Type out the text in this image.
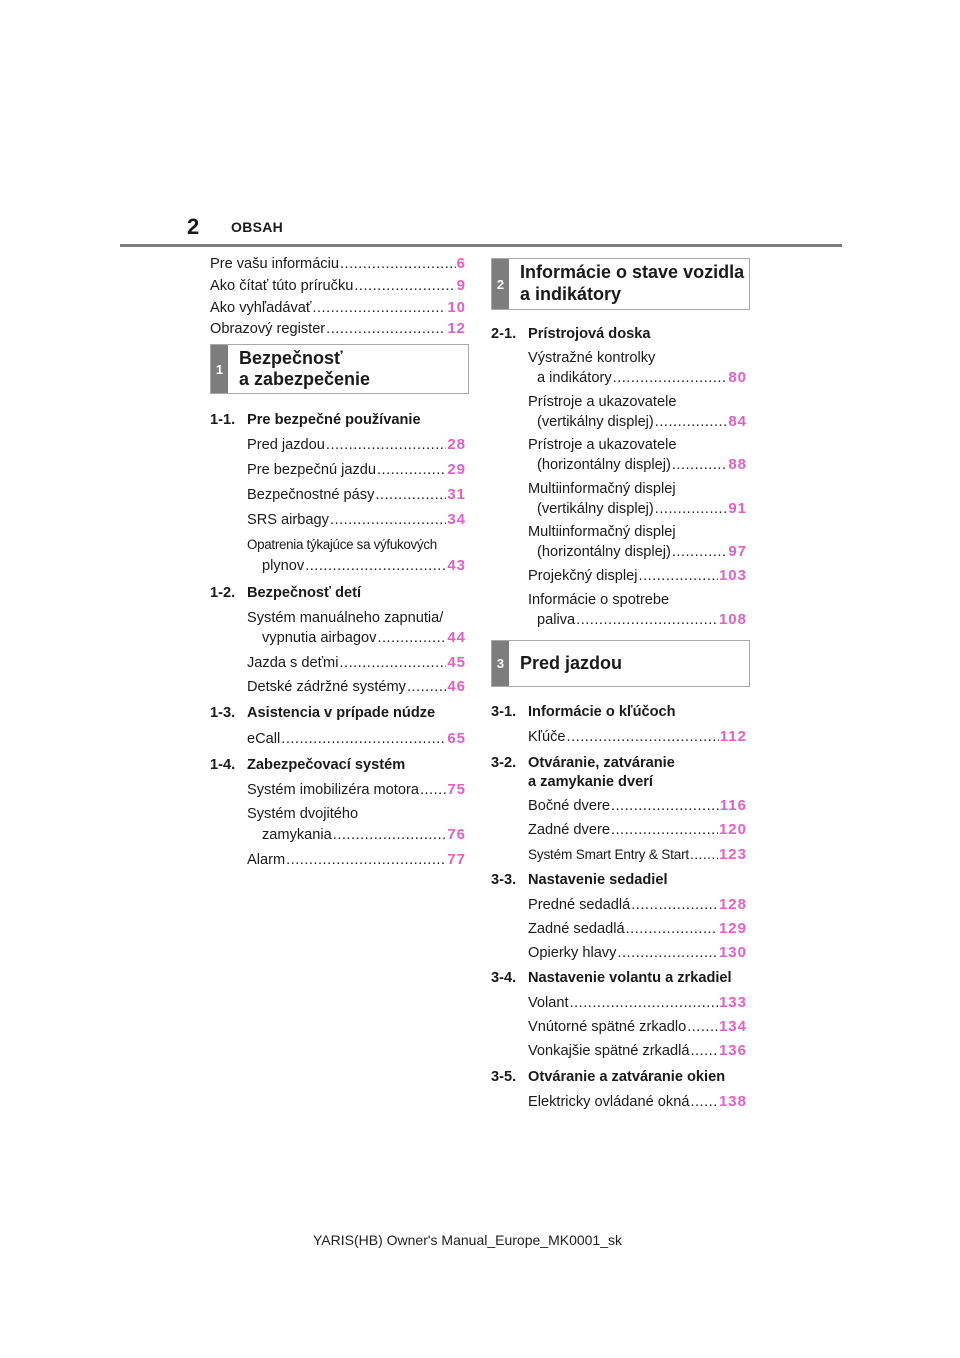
2 OBSAH
Pre vašu informáciu .....	6
Ako čítať túto príručku .....	9
Ako vyhľadávať .....	10
Obrazový register .....	12
1
Bezpečnosť
a zabezpečenie
1-1. Pre bezpečné používanie
Pred jazdou .....	28
Pre bezpečnú jazdu .....	29
Bezpečnostné pásy .....	31
SRS airbagy .....	34
Opatrenia týkajúce sa výfukových
plynov .....	43
1-2. Bezpečnosť detí
Systém manuálneho zapnutia/
vypnutia airbagov .....	44
Jazda s deťmi .....	45
Detské zádržné systémy .....	46
1-3. Asistencia v prípade núdze
eCall .....	65
1-4. Zabezpečovací systém
Systém imobilizéra motora ..... 75
Systém dvojitého
zamykania .....	76
Alarm .....	77
2
Informácie o stave vozidla
a indikátory
2-1. Prístrojová doska
Výstražné kontrolky
a indikátory .....	80
Prístroje a ukazovatele
(vertikálny displej) .....	84
Prístroje a ukazovatele
(horizontálny displej) .....	88
Multiinformačný displej
(vertikálny displej) .....	91
Multiinformačný displej
(horizontálny displej) .....	97
Projekčný displej .....	103
Informácie o spotrebe
paliva .....	108
3 Pred jazdou
3-1. Informácie o kľúčoch
Kľúče .....	112
3-2. Otváranie, zatváranie
a zamykanie dverí
Bočné dvere .....	116
Zadné dvere .....	120
Systém Smart Entry & Start ..... 123
3-3. Nastavenie sedadiel
Predné sedadlá .....	128
Zadné sedadlá .....	129
Opierky hlavy .....	130
3-4. Nastavenie volantu a zrkadiel
Volant .....	133
Vnútorné spätné zrkadlo ..... 134
Vonkajšie spätné zrkadlá ..... 136
3-5. Otváranie a zatváranie okien
Elektricky ovládané okná ..... 138
YARIS(HB) Owner's Manual_Europe_MK0001_sk
